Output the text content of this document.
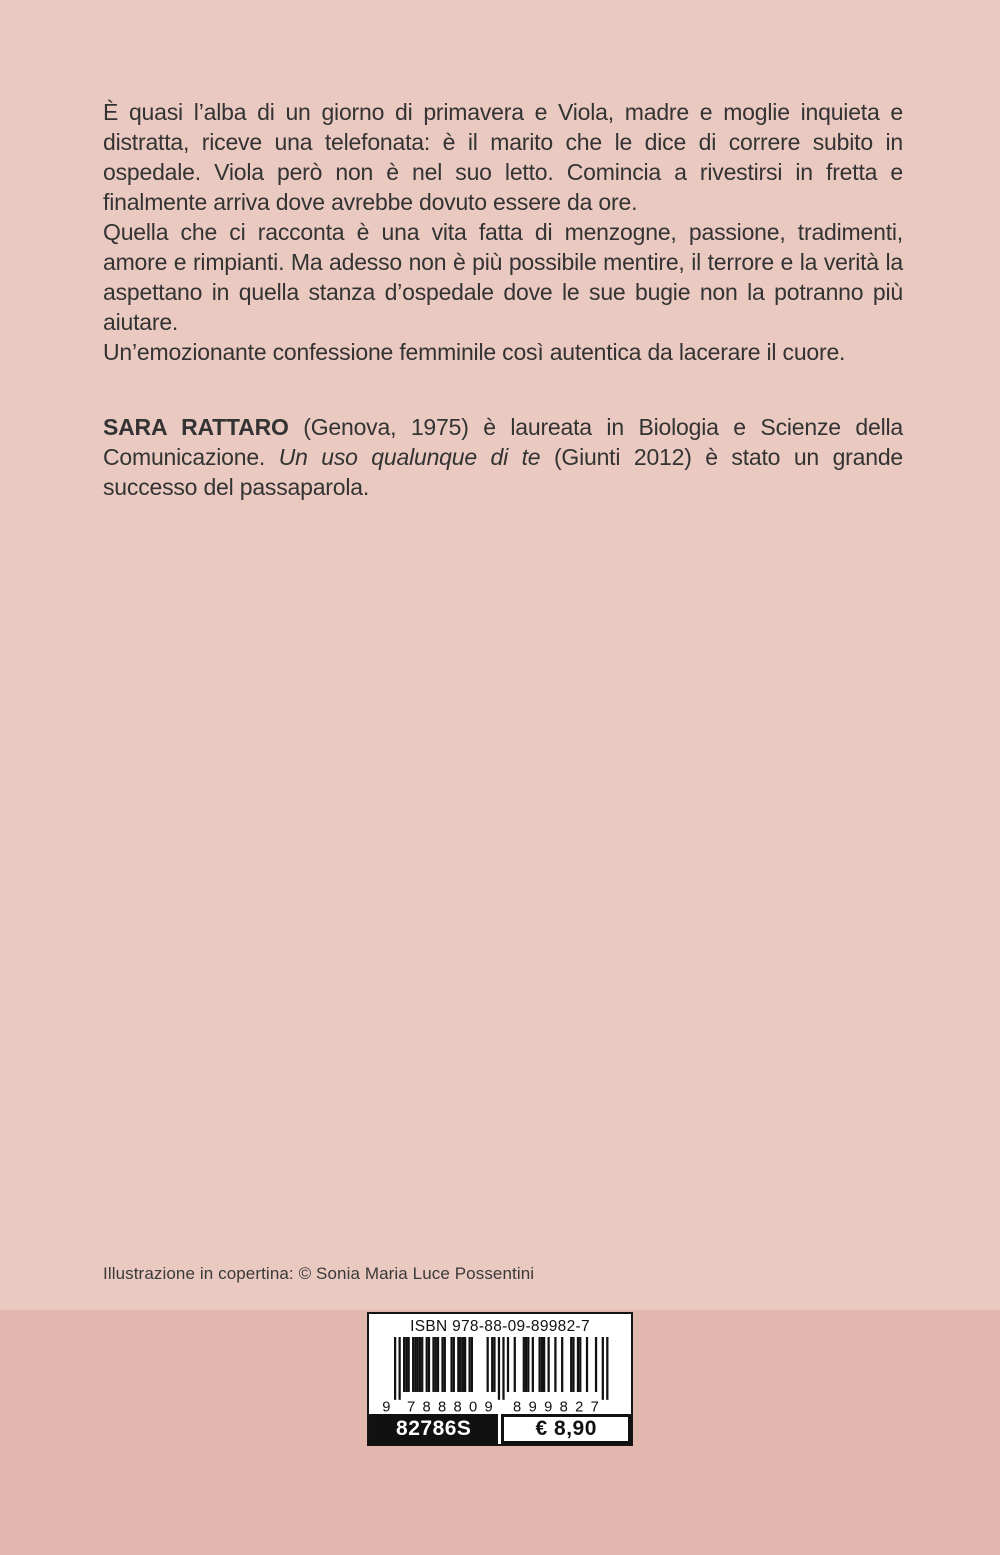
È quasi l’alba di un giorno di primavera e Viola, madre e moglie inquieta e distratta, riceve una telefonata: è il marito che le dice di correre subito in ospedale. Viola però non è nel suo letto. Comincia a rivestirsi in fretta e finalmente arriva dove avrebbe dovuto essere da ore.

Quella che ci racconta è una vita fatta di menzogne, passione, tradimenti, amore e rimpianti. Ma adesso non è più possibile mentire, il terrore e la verità la aspettano in quella stanza d’ospedale dove le sue bugie non la potranno più aiutare.

Un’emozionante confessione femminile così autentica da lacerare il cuore.

SARA RATTARO (Genova, 1975) è laureata in Biologia e Scienze della Comunicazione. Un uso qualunque di te (Giunti 2012) è stato un grande successo del passaparola.

Illustrazione in copertina: © Sonia Maria Luce Possentini
ISBN 978-88-09-89982-7
9 788809 899827
82786S	€ 8,90
